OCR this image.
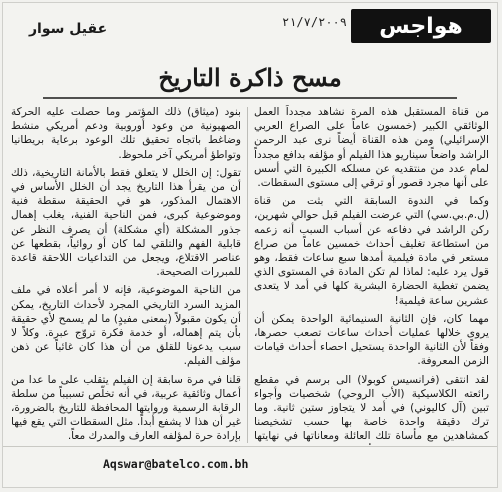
هواجس
٢١/٧/٢٠٠٩
عقيل سوار
مسح ذاكرة التاريخ

من قناة المستقبل هذه المرة نشاهد مجدداً العمل الوثائقي الكبير (خمسون عاماً على الصراع العربي الإسرائيلي) ومن هذه القناة أيضاً نرى عبد الرحمن الراشد واضعاً سيناريو هذا الفيلم أو مؤلفه بدافع مجدداً لمام عدد من منتقديه عن مسلكه الكبيرة التي أسس على أنها مجرد قصور أو ترقي إلى مستوى السقطات.

وكما في الندوة السابقة التي بثت من قناة (ل.م.بي.سي) التي عرضت الفيلم قبل حوالي شهرين، ركن الراشد في دفاعه عن أسباب السبب أنه زعمه من استطاعة تغليف أحداث خمسين عاماً من صراع مستعر في مادة فيلمية أمدها سبع ساعات فقط، وهو قول يرد عليه: لماذا لم تكن المادة في المستوى الذي يضمن تغطية الحضارة البشرية كلها في أمد لا يتعدى عشرين ساعة فيلمية!

مهما كان، فإن الثانية السنيمائية الواحدة يمكن أن يروى خلالها عمليات أحداث ساعات تصعب حصرها، وفقاً لأن الثانية الواحدة يستحيل احصاء أحداث قيامات الزمن المعروفة.

لقد انتقى (فرانسيس كوبولا) الى برسم في مقطع رائعته الكلاسيكية (الأب الروحي) شخصيات وأجواء تبين (آل كاليوني) في أمد لا يتجاوز ستين ثانية. وما ترك دقيقة واحدة خاصة بها حسب تشخيصنا كمشاهدين مع مأساة تلك العائلة ومعاناتها في نهايتها

بنود (ميثاق) ذلك المؤتمر وما حصلت عليه الحركة الصهيونية من وعود أوروبية ودعم أمريكي منشط وضاغط باتجاه تحقيق تلك الوعود برعاية بريطانيا وتواطؤ أمريكي آخر ملحوظ.

تقول: إن الخلل لا يتعلق فقط بالأمانة التاريخية، ذلك أن من يقرأ هذا التاريخ يجد أن الخلل الأساس في الاهتمال المذكور، هو في الحقيقة سقطة فنية وموضوعية كبرى، فمن الناحية الفنية، يغلب إهمال جذور المشكلة (أي مشكلة) أن يصرف النظر عن قابلية الفهم والتلقي لما كان أو روائياً، بقطعها عن عناصر الاقتلاع، ويجعل من التداعيات اللاحقة قاعدة للمبررات الصحيحة.

من الناحية الموضوعية، فإنه لا أمر أعلاه في ملف المزيد السرد التاريخي المجرد لأحداث التاريخ، يمكن أن يكون مقبولاً (بمعنى مفيدٍ) ما لم يسمح لأي حقيقة بأن يتم إهماله، أو خدمة فكرة تروّج عبرة. وكلاً لا سبب يدعونا للقلق من أن هذا كان غائباً عن ذهن مؤلف الفيلم.

قلنا في مرة سابقة إن الفيلم يتقلب على ما عدا من أعمال وثائقية عربية، في أنه تخلّص تسبيباً من سلطة الرقابة الرسمية وروايتها المحافظة للتاريخ بالضرورة، غير أن هذا لا يشفع أبداً. مثل السقطات التي يقع فيها بإرادة حرة لمؤلفه العارف والمدرك معاً.

Aqswar@batelco.com.bh
